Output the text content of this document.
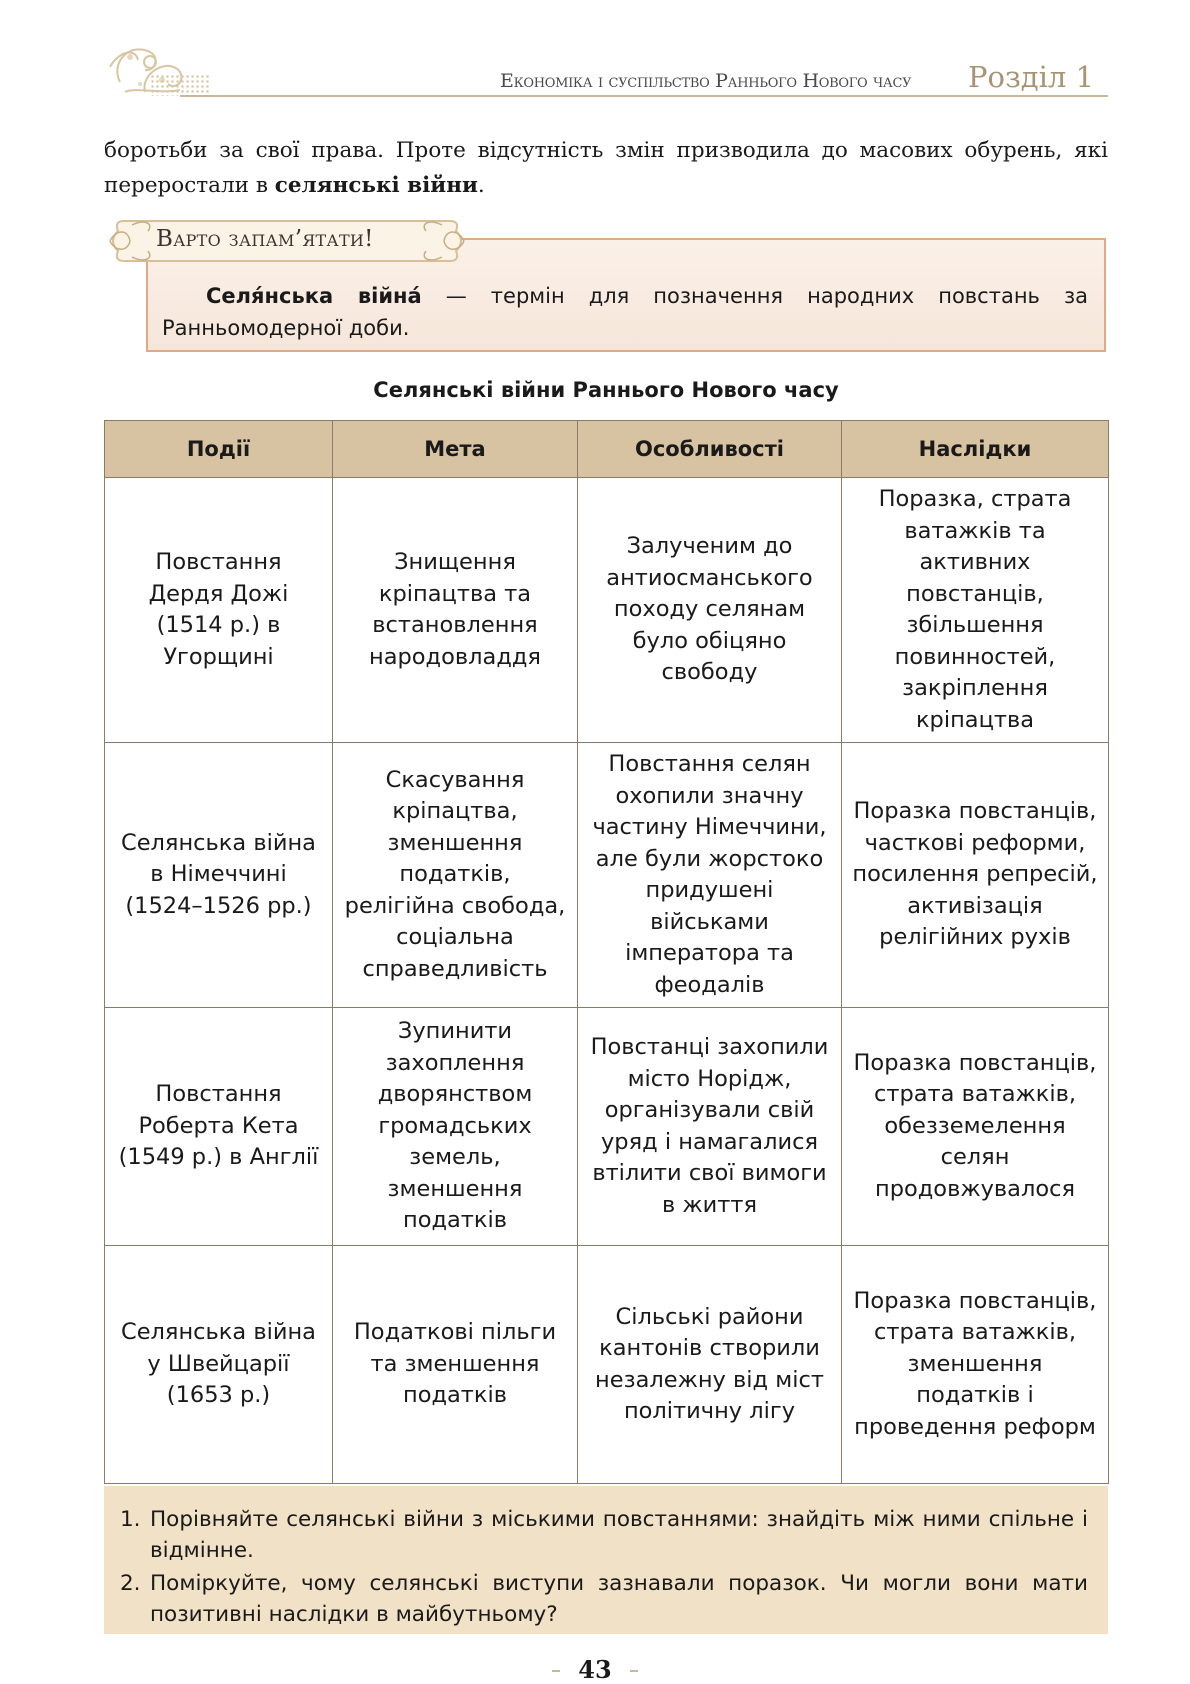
Економіка і суспільство Раннього Нового часу Розділ 1
боротьби за свої права. Проте відсутність змін призводила до масових обурень, які переростали в селянські війни.
Варто запам’ятати!
Селя́нська війна́ — термін для позначення народних повстань за Ранньомодерної доби.
Селянські війни Раннього Нового часу
Події	Мета	Особливості	Наслідки
Повстання Дердя Дожі (1514 р.) в Угорщині	Знищення кріпацтва та встановлення народовладдя	Залученим до антиосманського походу селянам було обіцяно свободу	Поразка, страта ватажків та активних повстанців, збільшення повинностей, закріплення кріпацтва
Селянська війна в Німеччині (1524–1526 рр.)	Скасування кріпацтва, зменшення податків, релігійна свобода, соціальна справедливість	Повстання селян охопили значну частину Німеччини, але були жорстоко придушені військами імператора та феодалів	Поразка повстанців, часткові реформи, посилення репресій, активізація релігійних рухів
Повстання Роберта Кета (1549 р.) в Англії	Зупинити захоплення дворянством громадських земель, зменшення податків	Повстанці захопили місто Норідж, організували свій уряд і намагалися втілити свої вимоги в життя	Поразка повстанців, страта ватажків, обезземелення селян продовжувалося
Селянська війна у Швейцарії (1653 р.)	Податкові пільги та зменшення податків	Сільські райони кантонів створили незалежну від міст політичну лігу	Поразка повстанців, страта ватажків, зменшення податків і проведення реформ
1. Порівняйте селянські війни з міськими повстаннями: знайдіть між ними спільне і відмінне.
2. Поміркуйте, чому селянські виступи зазнавали поразок. Чи могли вони мати позитивні наслідки в майбутньому?
43
